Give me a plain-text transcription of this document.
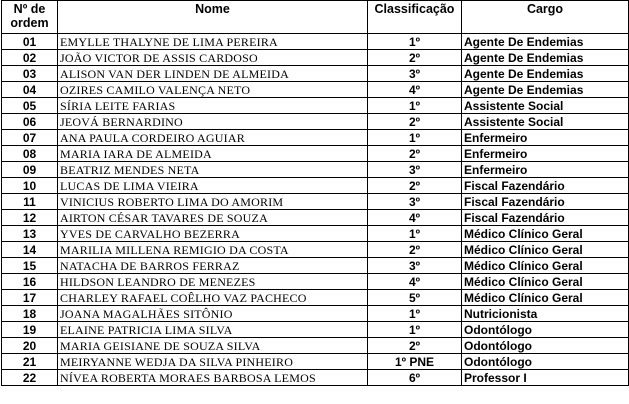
Nº de
ordem	Nome	Classificação	Cargo
01	EMYLLE THALYNE DE LIMA PEREIRA	1º	Agente De Endemias
02	JOÃO VICTOR DE ASSIS CARDOSO	2º	Agente De Endemias
03	ALISON VAN DER LINDEN DE ALMEIDA	3º	Agente De Endemias
04	OZIRES CAMILO VALENÇA NETO	4º	Agente De Endemias
05	SÍRIA LEITE FARIAS	1º	Assistente Social
06	JEOVÁ BERNARDINO	2º	Assistente Social
07	ANA PAULA CORDEIRO AGUIAR	1º	Enfermeiro
08	MARIA IARA DE ALMEIDA	2º	Enfermeiro
09	BEATRIZ MENDES NETA	3º	Enfermeiro
10	LUCAS DE LIMA VIEIRA	2º	Fiscal Fazendário
11	VINICIUS ROBERTO LIMA DO AMORIM	3º	Fiscal Fazendário
12	AIRTON CÉSAR TAVARES DE SOUZA	4º	Fiscal Fazendário
13	YVES DE CARVALHO BEZERRA	1º	Médico Clínico Geral
14	MARILIA MILLENA REMIGIO DA COSTA	2º	Médico Clínico Geral
15	NATACHA DE BARROS FERRAZ	3º	Médico Clínico Geral
16	HILDSON LEANDRO DE MENEZES	4º	Médico Clínico Geral
17	CHARLEY RAFAEL COÊLHO VAZ PACHECO	5º	Médico Clínico Geral
18	JOANA MAGALHÃES SITÔNIO	1º	Nutricionista
19	ELAINE PATRICIA LIMA SILVA	1º	Odontólogo
20	MARIA GEISIANE DE SOUZA SILVA	2º	Odontólogo
21	MEIRYANNE WEDJA DA SILVA PINHEIRO	1º PNE	Odontólogo
22	NÍVEA ROBERTA MORAES BARBOSA LEMOS	6º	Professor I
